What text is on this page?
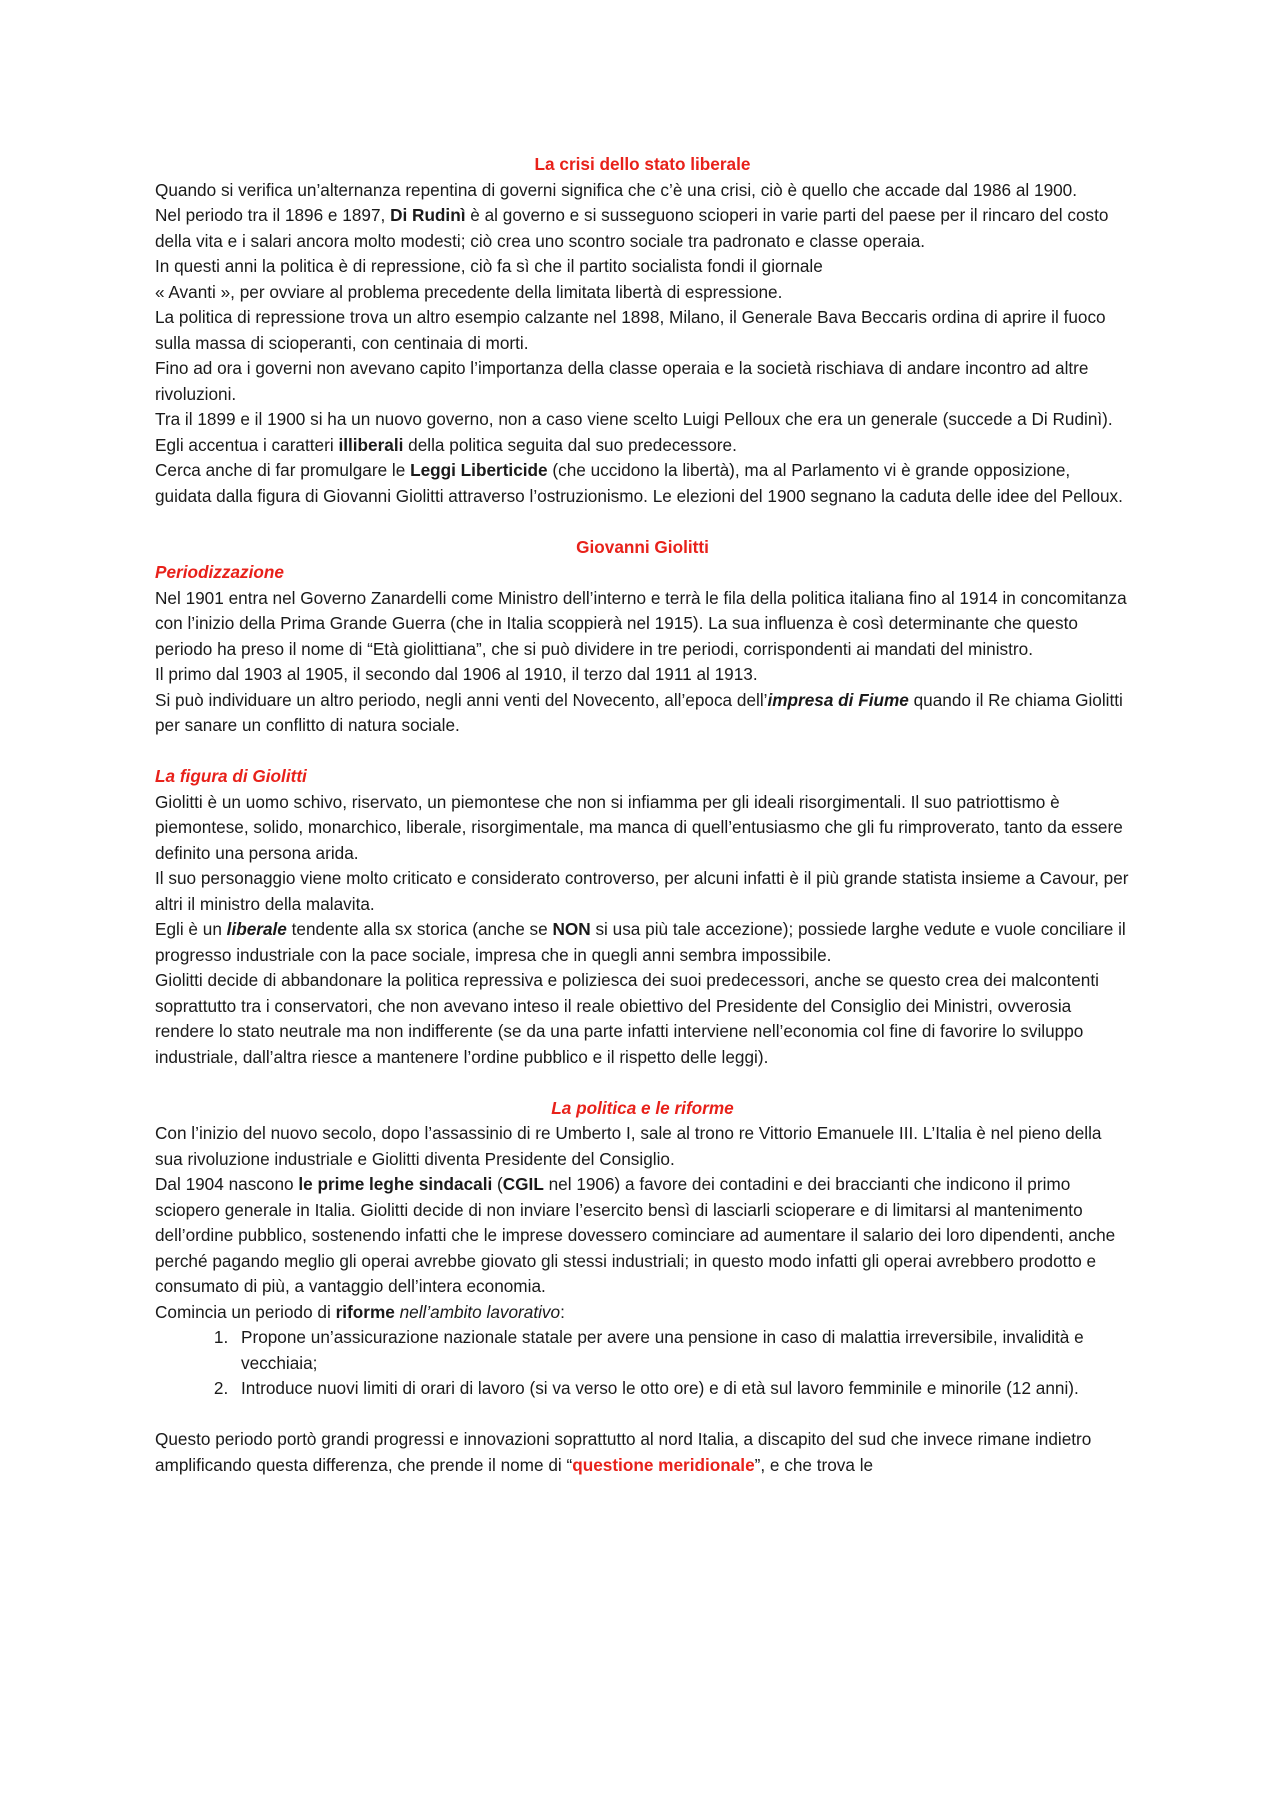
La crisi dello stato liberale

Quando si verifica un’alternanza repentina di governi significa che c’è una crisi, ciò è quello che accade dal 1986 al 1900.

Nel periodo tra il 1896 e 1897, Di Rudinì è al governo e si susseguono scioperi in varie parti del paese per il rincaro del costo della vita e i salari ancora molto modesti; ciò crea uno scontro sociale tra padronato e classe operaia.

In questi anni la politica è di repressione, ciò fa sì che il partito socialista fondi il giornale
« Avanti », per ovviare al problema precedente della limitata libertà di espressione.

La politica di repressione trova un altro esempio calzante nel 1898, Milano, il Generale Bava Beccaris ordina di aprire il fuoco sulla massa di scioperanti, con centinaia di morti.

Fino ad ora i governi non avevano capito l’importanza della classe operaia e la società rischiava di andare incontro ad altre rivoluzioni.

Tra il 1899 e il 1900 si ha un nuovo governo, non a caso viene scelto Luigi Pelloux che era un generale (succede a Di Rudinì). Egli accentua i caratteri illiberali della politica seguita dal suo predecessore.

Cerca anche di far promulgare le Leggi Liberticide (che uccidono la libertà), ma al Parlamento vi è grande opposizione, guidata dalla figura di Giovanni Giolitti attraverso l’ostruzionismo. Le elezioni del 1900 segnano la caduta delle idee del Pelloux.

Giovanni Giolitti
Periodizzazione

Nel 1901 entra nel Governo Zanardelli come Ministro dell’interno e terrà le fila della politica italiana fino al 1914 in concomitanza con l’inizio della Prima Grande Guerra (che in Italia scoppierà nel 1915). La sua influenza è così determinante che questo periodo ha preso il nome di “Età giolittiana”, che si può dividere in tre periodi, corrispondenti ai mandati del ministro.

Il primo dal 1903 al 1905, il secondo dal 1906 al 1910, il terzo dal 1911 al 1913.

Si può individuare un altro periodo, negli anni venti del Novecento, all’epoca dell’impresa di Fiume quando il Re chiama Giolitti per sanare un conflitto di natura sociale.

La figura di Giolitti

Giolitti è un uomo schivo, riservato, un piemontese che non si infiamma per gli ideali risorgimentali. Il suo patriottismo è piemontese, solido, monarchico, liberale, risorgimentale, ma manca di quell’entusiasmo che gli fu rimproverato, tanto da essere definito una persona arida.

Il suo personaggio viene molto criticato e considerato controverso, per alcuni infatti è il più grande statista insieme a Cavour, per altri il ministro della malavita.

Egli è un liberale tendente alla sx storica (anche se NON si usa più tale accezione); possiede larghe vedute e vuole conciliare il progresso industriale con la pace sociale, impresa che in quegli anni sembra impossibile.

Giolitti decide di abbandonare la politica repressiva e poliziesca dei suoi predecessori, anche se questo crea dei malcontenti soprattutto tra i conservatori, che non avevano inteso il reale obiettivo del Presidente del Consiglio dei Ministri, ovverosia rendere lo stato neutrale ma non indifferente (se da una parte infatti interviene nell’economia col fine di favorire lo sviluppo industriale, dall’altra riesce a mantenere l’ordine pubblico e il rispetto delle leggi).

La politica e le riforme

Con l’inizio del nuovo secolo, dopo l’assassinio di re Umberto I, sale al trono re Vittorio Emanuele III. L’Italia è nel pieno della sua rivoluzione industriale e Giolitti diventa Presidente del Consiglio.

Dal 1904 nascono le prime leghe sindacali (CGIL nel 1906) a favore dei contadini e dei braccianti che indicono il primo sciopero generale in Italia. Giolitti decide di non inviare l’esercito bensì di lasciarli scioperare e di limitarsi al mantenimento dell’ordine pubblico, sostenendo infatti che le imprese dovessero cominciare ad aumentare il salario dei loro dipendenti, anche perché pagando meglio gli operai avrebbe giovato gli stessi industriali; in questo modo infatti gli operai avrebbero prodotto e consumato di più, a vantaggio dell’intera economia.

Comincia un periodo di riforme nell’ambito lavorativo:

1. Propone un’assicurazione nazionale statale per avere una pensione in caso di malattia irreversibile, invalidità e vecchiaia;
2. Introduce nuovi limiti di orari di lavoro (si va verso le otto ore) e di età sul lavoro femminile e minorile (12 anni).

Questo periodo portò grandi progressi e innovazioni soprattutto al nord Italia, a discapito del sud che invece rimane indietro amplificando questa differenza, che prende il nome di “questione meridionale”, e che trova le
